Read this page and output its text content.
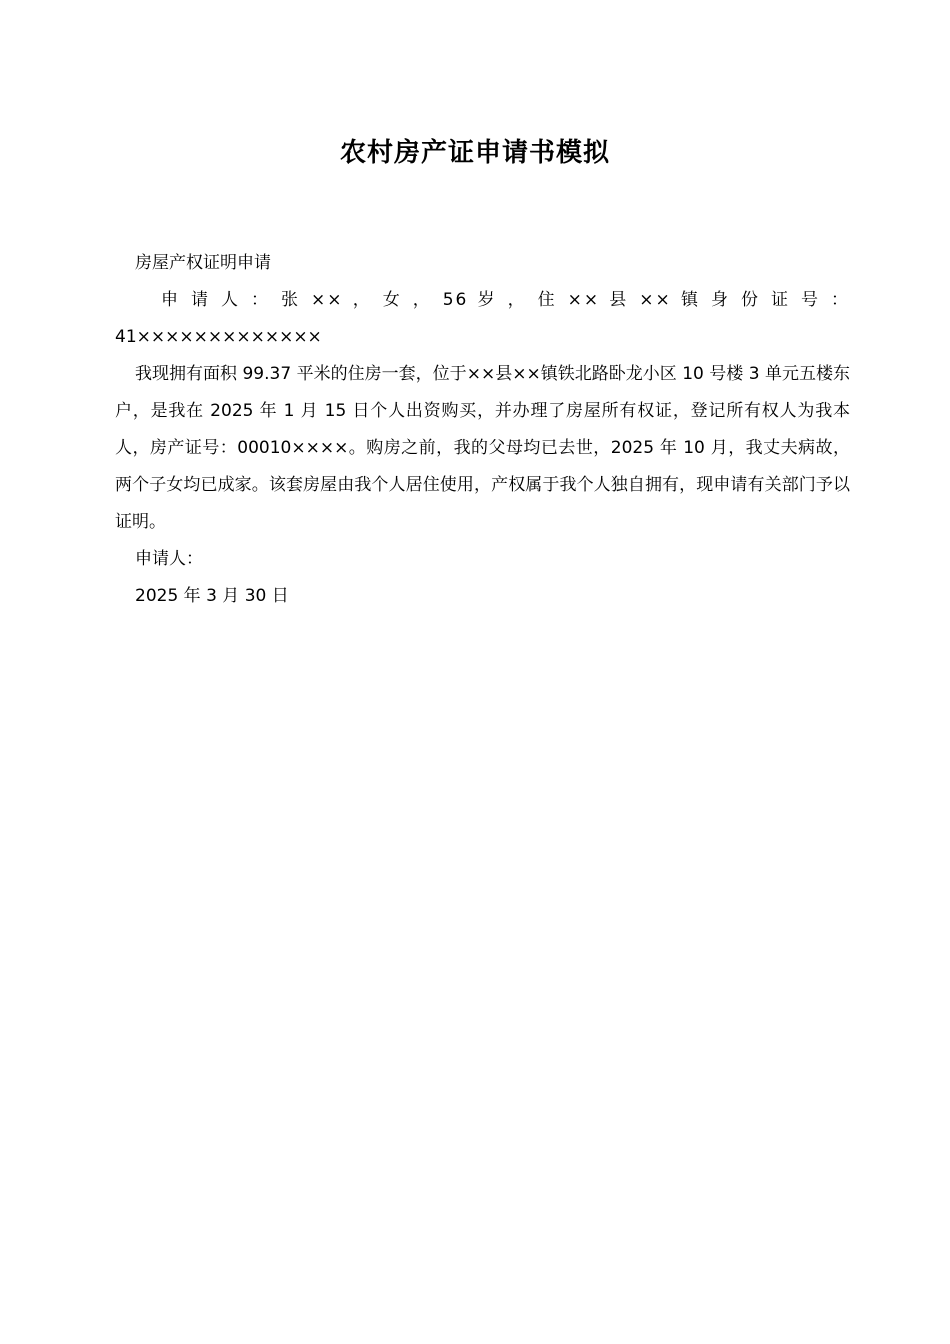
农村房产证申请书模拟

房屋产权证明申请

申 请 人 ： 张 ×× ， 女 ， 56 岁 ， 住 ×× 县 ×× 镇 身 份 证 号 ：

41×××××××××××××

我现拥有面积 99.37 平米的住房一套，位于××县××镇铁北路卧龙小区 10 号楼 3 单元五楼东户，是我在 2025 年 1 月 15 日个人出资购买，并办理了房屋所有权证，登记所有权人为我本人，房产证号：00010××××。购房之前，我的父母均已去世，2025 年 10 月，我丈夫病故，两个子女均已成家。该套房屋由我个人居住使用，产权属于我个人独自拥有，现申请有关部门予以证明。

申请人：

2025 年 3 月 30 日
